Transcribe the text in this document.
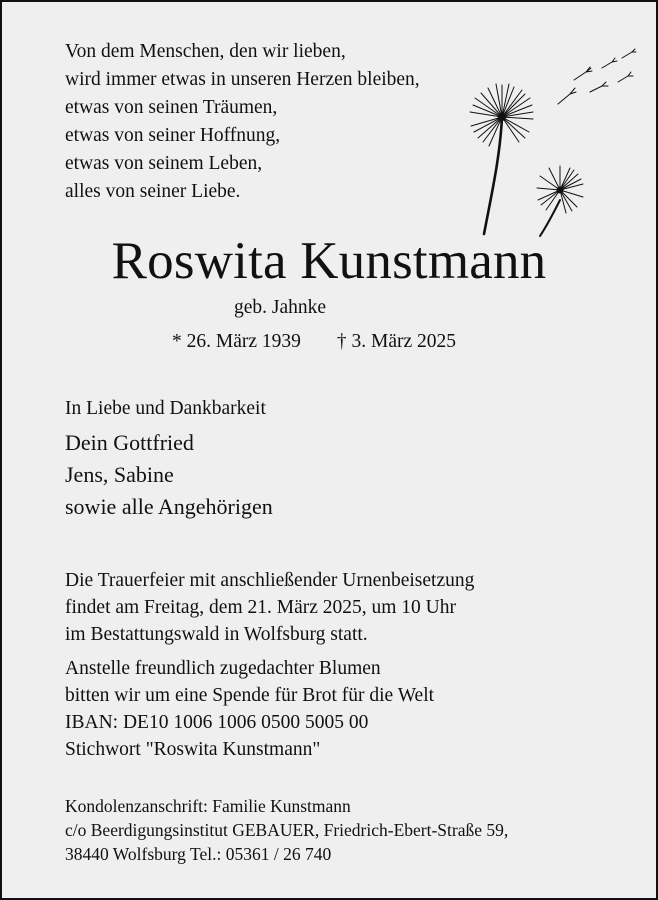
Von dem Menschen, den wir lieben,
wird immer etwas in unseren Herzen bleiben,
etwas von seinen Träumen,
etwas von seiner Hoffnung,
etwas von seinem Leben,
alles von seiner Liebe.
Roswita Kunstmann
geb. Jahnke
* 26. März 1939 † 3. März 2025
In Liebe und Dankbarkeit
Dein Gottfried
Jens, Sabine
sowie alle Angehörigen
Die Trauerfeier mit anschließender Urnenbeisetzung
findet am Freitag, dem 21. März 2025, um 10 Uhr
im Bestattungswald in Wolfsburg statt.
Anstelle freundlich zugedachter Blumen
bitten wir um eine Spende für Brot für die Welt
IBAN: DE10 1006 1006 0500 5005 00
Stichwort "Roswita Kunstmann"
Kondolenzanschrift: Familie Kunstmann
c/o Beerdigungsinstitut GEBAUER, Friedrich-Ebert-Straße 59,
38440 Wolfsburg Tel.: 05361 / 26 740
